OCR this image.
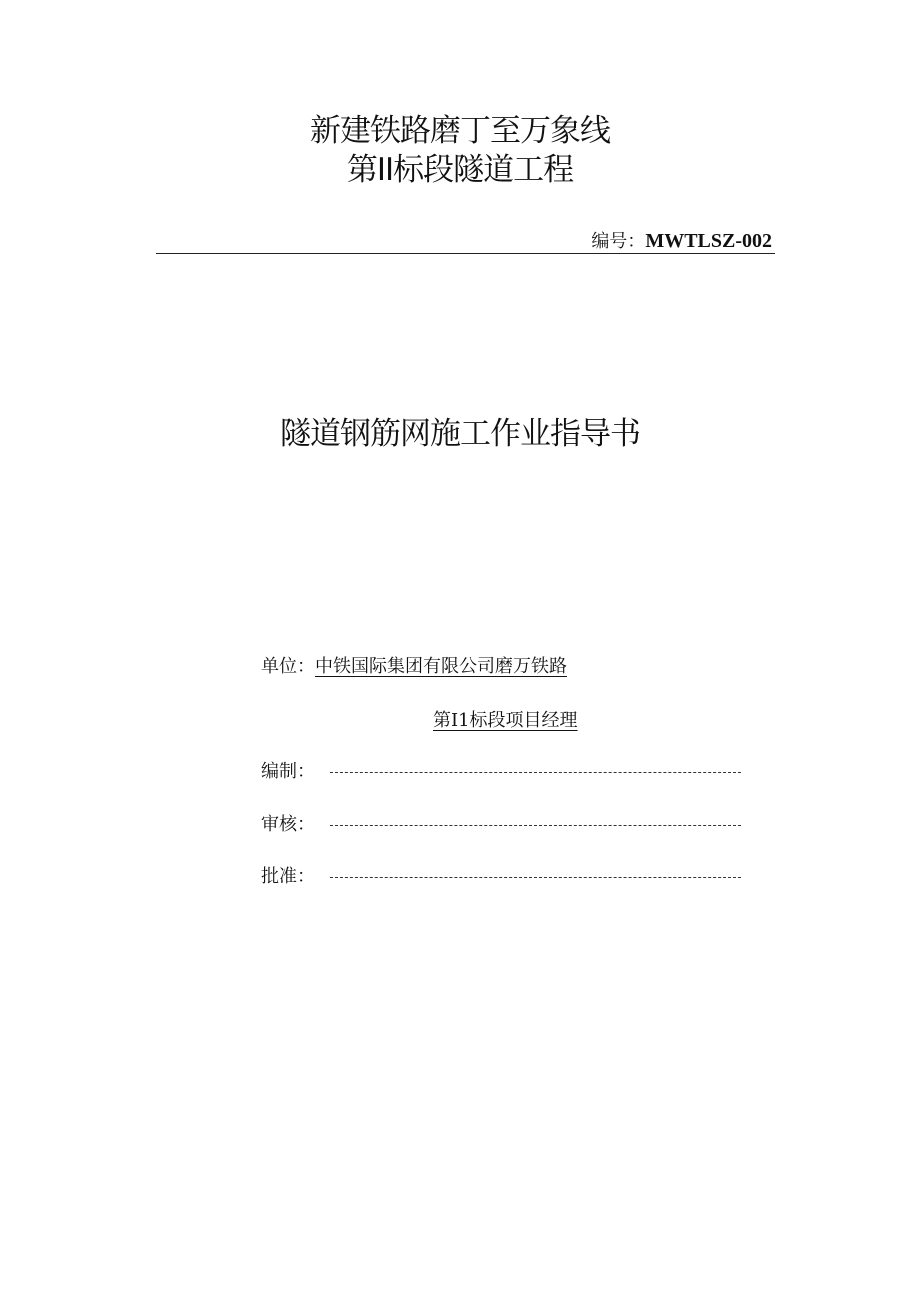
新建铁路磨丁至万象线
第II标段隧道工程
编号：MWTLSZ-002
隧道钢筋网施工作业指导书
单位：中铁国际集团有限公司磨万铁路
第I1标段项目经理
编制：
审核：
批准：
